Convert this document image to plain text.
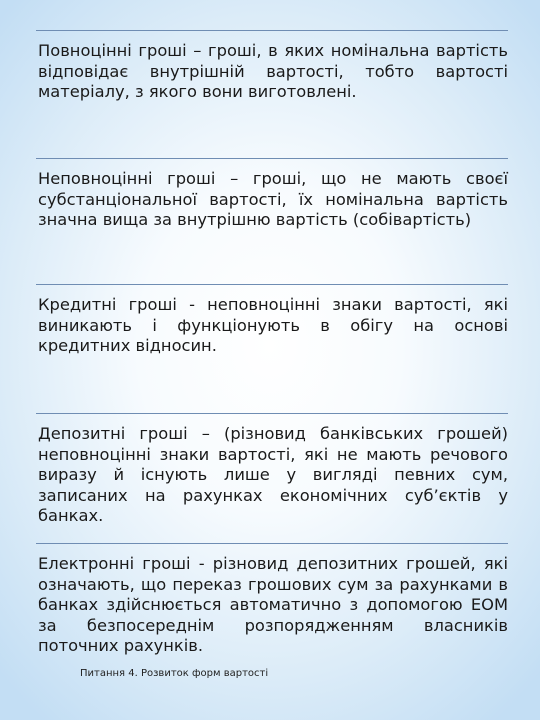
Повноцінні гроші – гроші, в яких номінальна вартість відповідає внутрішній вартості, тобто вартості матеріалу, з якого вони виготовлені.

Неповноцінні гроші – гроші, що не мають своєї субстанціональної вартості, їх номінальна вартість значна вища за внутрішню вартість (собівартість)

Кредитні гроші - неповноцінні знаки вартості, які виникають і функціонують в обігу на основі кредитних відносин.

Депозитні гроші – (різновид банківських грошей) неповноцінні знаки вартості, які не мають речового виразу й існують лише у вигляді певних сум, записаних на рахунках економічних суб’єктів у банках.

Електронні гроші - різновид депозитних грошей, які означають, що переказ грошових сум за рахунками в банках здійснюється автоматично з допомогою ЕОМ за безпосереднім розпорядженням власників поточних рахунків.

Питання 4. Розвиток форм вартості
